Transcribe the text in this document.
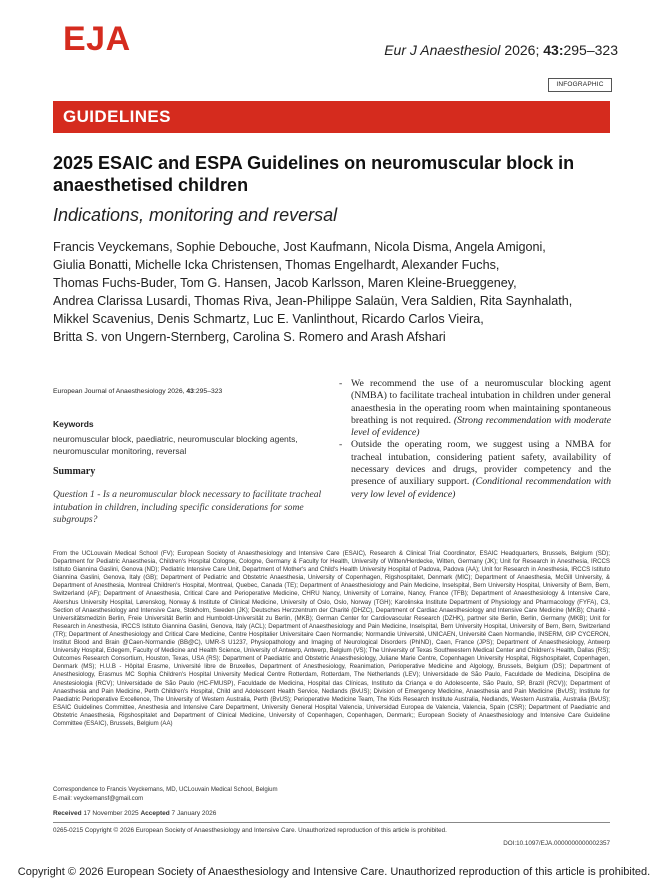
EJA	Eur J Anaesthesiol 2026; 43:295–323
INFOGRAPHIC
GUIDELINES
2025 ESAIC and ESPA Guidelines on neuromuscular block in anaesthetised children
Indications, monitoring and reversal
Francis Veyckemans, Sophie Debouche, Jost Kaufmann, Nicola Disma, Angela Amigoni,
Giulia Bonatti, Michelle Icka Christensen, Thomas Engelhardt, Alexander Fuchs,
Thomas Fuchs-Buder, Tom G. Hansen, Jacob Karlsson, Maren Kleine-Brueggeney,
Andrea Clarissa Lusardi, Thomas Riva, Jean-Philippe Salaün, Vera Saldien, Rita Saynhalath,
Mikkel Scavenius, Denis Schmartz, Luc E. Vanlinthout, Ricardo Carlos Vieira,
Britta S. von Ungern-Sternberg, Carolina S. Romero and Arash Afshari
European Journal of Anaesthesiology 2026, 43:295–323
Keywords
neuromuscular block, paediatric, neuromuscular blocking agents, neuromuscular monitoring, reversal
Summary
Question 1 - Is a neuromuscular block necessary to facilitate tracheal intubation in children, including specific considerations for some subgroups?
- We recommend the use of a neuromuscular blocking agent (NMBA) to facilitate tracheal intubation in children under general anaesthesia in the operating room when maintaining spontaneous breathing is not required. (Strong recommendation with moderate level of evidence)
- Outside the operating room, we suggest using a NMBA for tracheal intubation, considering patient safety, availability of necessary devices and drugs, provider competency and the presence of auxiliary support. (Conditional recommendation with very low level of evidence)
From the UCLouvain Medical School (FV); European Society of Anaesthesiology and Intensive Care (ESAIC), Research & Clinical Trial Coordinator, ESAIC Headquarters, Brussels, Belgium (SD); Department for Pediatric Anaesthesia, Children's Hospital Cologne, Cologne, Germany & Faculty for Health, University of Witten/Herdecke, Witten, Germany (JK); Unit for Research in Anesthesia, IRCCS Istituto Giannina Gaslini, Genova (ND); Pediatric Intensive Care Unit, Department of Mother's and Child's Health University Hospital of Padova, Padova (AA); Unit for Research in Anesthesia, IRCCS Istituto Giannina Gaslini, Genova, Italy (GB); Department of Pediatric and Obstetric Anaesthesia, University of Copenhagen, Rigshospitalet, Denmark (MIC); Department of Anaesthesia, McGill University, & Department of Anesthesia, Montreal Children's Hospital, Montreal, Quebec, Canada (TE); Department of Anaesthesiology and Pain Medicine, Inselspital, Bern University Hospital, University of Bern, Bern, Switzerland (AF); Department of Anaesthesia, Critical Care and Perioperative Medicine, CHRU Nancy, University of Lorraine, Nancy, France (TFB); Department of Anaesthesiology & Intensive Care, Akershus University Hospital, Lørenskog, Norway & Institute of Clinical Medicine, University of Oslo, Oslo, Norway (TGH); Karolinska Institute Department of Physiology and Pharmacology (FYFA), C3, Section of Anaesthesiology and Intensive Care, Stokholm, Sweden (JK); Deutsches Herzzentrum der Charité (DHZC), Department of Cardiac Anaesthesiology and Intensive Care Medicine (MKB); Charité - Universitätsmedizin Berlin, Freie Universität Berlin and Humboldt-Universität zu Berlin, (MKB); German Center for Cardiovascular Research (DZHK), partner site Berlin, Berlin, Germany (MKB); Unit for Research in Anesthesia, IRCCS Istituto Giannina Gaslini, Genova, Italy (ACL); Department of Anaesthesiology and Pain Medicine, Inselspital, Bern University Hospital, University of Bern, Bern, Switzerland (TR); Department of Anesthesiology and Critical Care Medicine, Centre Hospitalier Universitaire Caen Normandie; Normandie Université, UNICAEN, Université Caen Normandie, INSERM, GIP CYCERON, Institut Blood and Brain @Caen-Normandie (BB@C), UMR-S U1237, Physiopathology and Imaging of Neurological Disorders (PhIND), Caen, France (JPS); Department of Anaesthesiology, Antwerp University Hospital, Edegem, Faculty of Medicine and Health Science, University of Antwerp, Antwerp, Belgium (VS); The University of Texas Southwestern Medical Center and Children's Health, Dallas (RS); Outcomes Research Consortium, Houston, Texas, USA (RS); Department of Paediatric and Obstetric Anaesthesiology, Juliane Marie Centre, Copenhagen University Hospital, Rigshospitalet, Copenhagen, Denmark (MS); H.U.B - Hôpital Erasme, Université libre de Bruxelles, Department of Anesthesiology, Reanimation, Perioperative Medicine and Algology, Brussels, Belgium (DS); Department of Anesthesiology, Erasmus MC Sophia Children's Hospital University Medical Centre Rotterdam, Rotterdam, The Netherlands (LEV); Universidade de São Paulo, Faculdade de Medicina, Disciplina de Anestesiologia (RCV); Universidade de São Paulo (HC-FMUSP), Faculdade de Medicina, Hospital das Clínicas, Instituto da Criança e do Adolescente, São Paulo, SP, Brazil (RCV)); Department of Anaesthesia and Pain Medicine, Perth Children's Hospital, Child and Adolescent Health Service, Nedlands (BvUS); Division of Emergency Medicine, Anaesthesia and Pain Medicine (BvUS); Institute for Paediatric Perioperative Excellence, The University of Western Australia, Perth (BvUS); Perioperative Medicine Team, The Kids Research Institute Australia, Nedlands, Western Australia, Australia (BvUS); ESAIC Guidelines Committee, Anesthesia and Intensive Care Department, University General Hospital Valencia, Universidad Europea de Valencia, Valencia, Spain (CSR); Department of Paediatric and Obstetric Anaesthesia, Rigshospitalet and Department of Clinical Medicine, University of Copenhagen, Copenhagen, Denmark;; European Society of Anaesthesiology and Intensive Care Guideline Committee (ESAIC), Brussels, Belgium (AA)
Correspondence to Francis Veyckemans, MD, UCLouvain Medical School, Belgium
E-mail: veyckemansf@gmail.com
Received 17 November 2025 Accepted 7 January 2026
0265-0215 Copyright © 2026 European Society of Anaesthesiology and Intensive Care. Unauthorized reproduction of this article is prohibited.
DOI:10.1097/EJA.0000000000002357
Copyright © 2026 European Society of Anaesthesiology and Intensive Care. Unauthorized reproduction of this article is prohibited.
